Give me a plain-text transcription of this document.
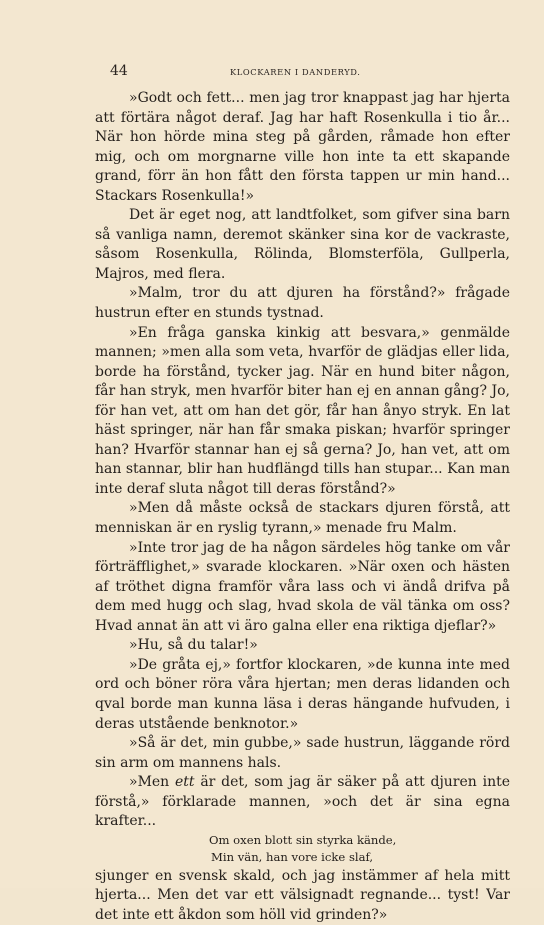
44	KLOCKAREN I DANDERYD.

»Godt och fett... men jag tror knappast jag har hjerta att förtära något deraf. Jag har haft Rosenkulla i tio år... När hon hörde mina steg på gården, råmade hon efter mig, och om morgnarne ville hon inte ta ett skapande grand, förr än hon fått den första tappen ur min hand... Stackars Rosenkulla!»

Det är eget nog, att landtfolket, som gifver sina barn så vanliga namn, deremot skänker sina kor de vackraste, såsom Rosenkulla, Rölinda, Blomsterföla, Gullperla, Majros, med flera.

»Malm, tror du att djuren ha förstånd?» frågade hustrun efter en stunds tystnad.

»En fråga ganska kinkig att besvara,» genmälde mannen; »men alla som veta, hvarför de glädjas eller lida, borde ha förstånd, tycker jag. När en hund biter någon, får han stryk, men hvarför biter han ej en annan gång? Jo, för han vet, att om han det gör, får han ånyo stryk. En lat häst springer, när han får smaka piskan; hvarför springer han? Hvarför stannar han ej så gerna? Jo, han vet, att om han stannar, blir han hudflängd tills han stupar... Kan man inte deraf sluta något till deras förstånd?»

»Men då måste också de stackars djuren förstå, att menniskan är en ryslig tyrann,» menade fru Malm.

»Inte tror jag de ha någon särdeles hög tanke om vår förträfflighet,» svarade klockaren. »När oxen och hästen af tröthet digna framför våra lass och vi ändå drifva på dem med hugg och slag, hvad skola de väl tänka om oss? Hvad annat än att vi äro galna eller ena riktiga djeflar?»

»Hu, så du talar!»

»De gråta ej,» fortfor klockaren, »de kunna inte med ord och böner röra våra hjertan; men deras lidanden och qval borde man kunna läsa i deras hängande hufvuden, i deras utstående benknotor.»

»Så är det, min gubbe,» sade hustrun, läggande rörd sin arm om mannens hals.

»Men ett är det, som jag är säker på att djuren inte förstå,» förklarade mannen, »och det är sina egna krafter...

Om oxen blott sin styrka kände,

Min vän, han vore icke slaf,

sjunger en svensk skald, och jag instämmer af hela mitt hjerta... Men det var ett välsignadt regnande... tyst! Var det inte ett åkdon som höll vid grinden?»
